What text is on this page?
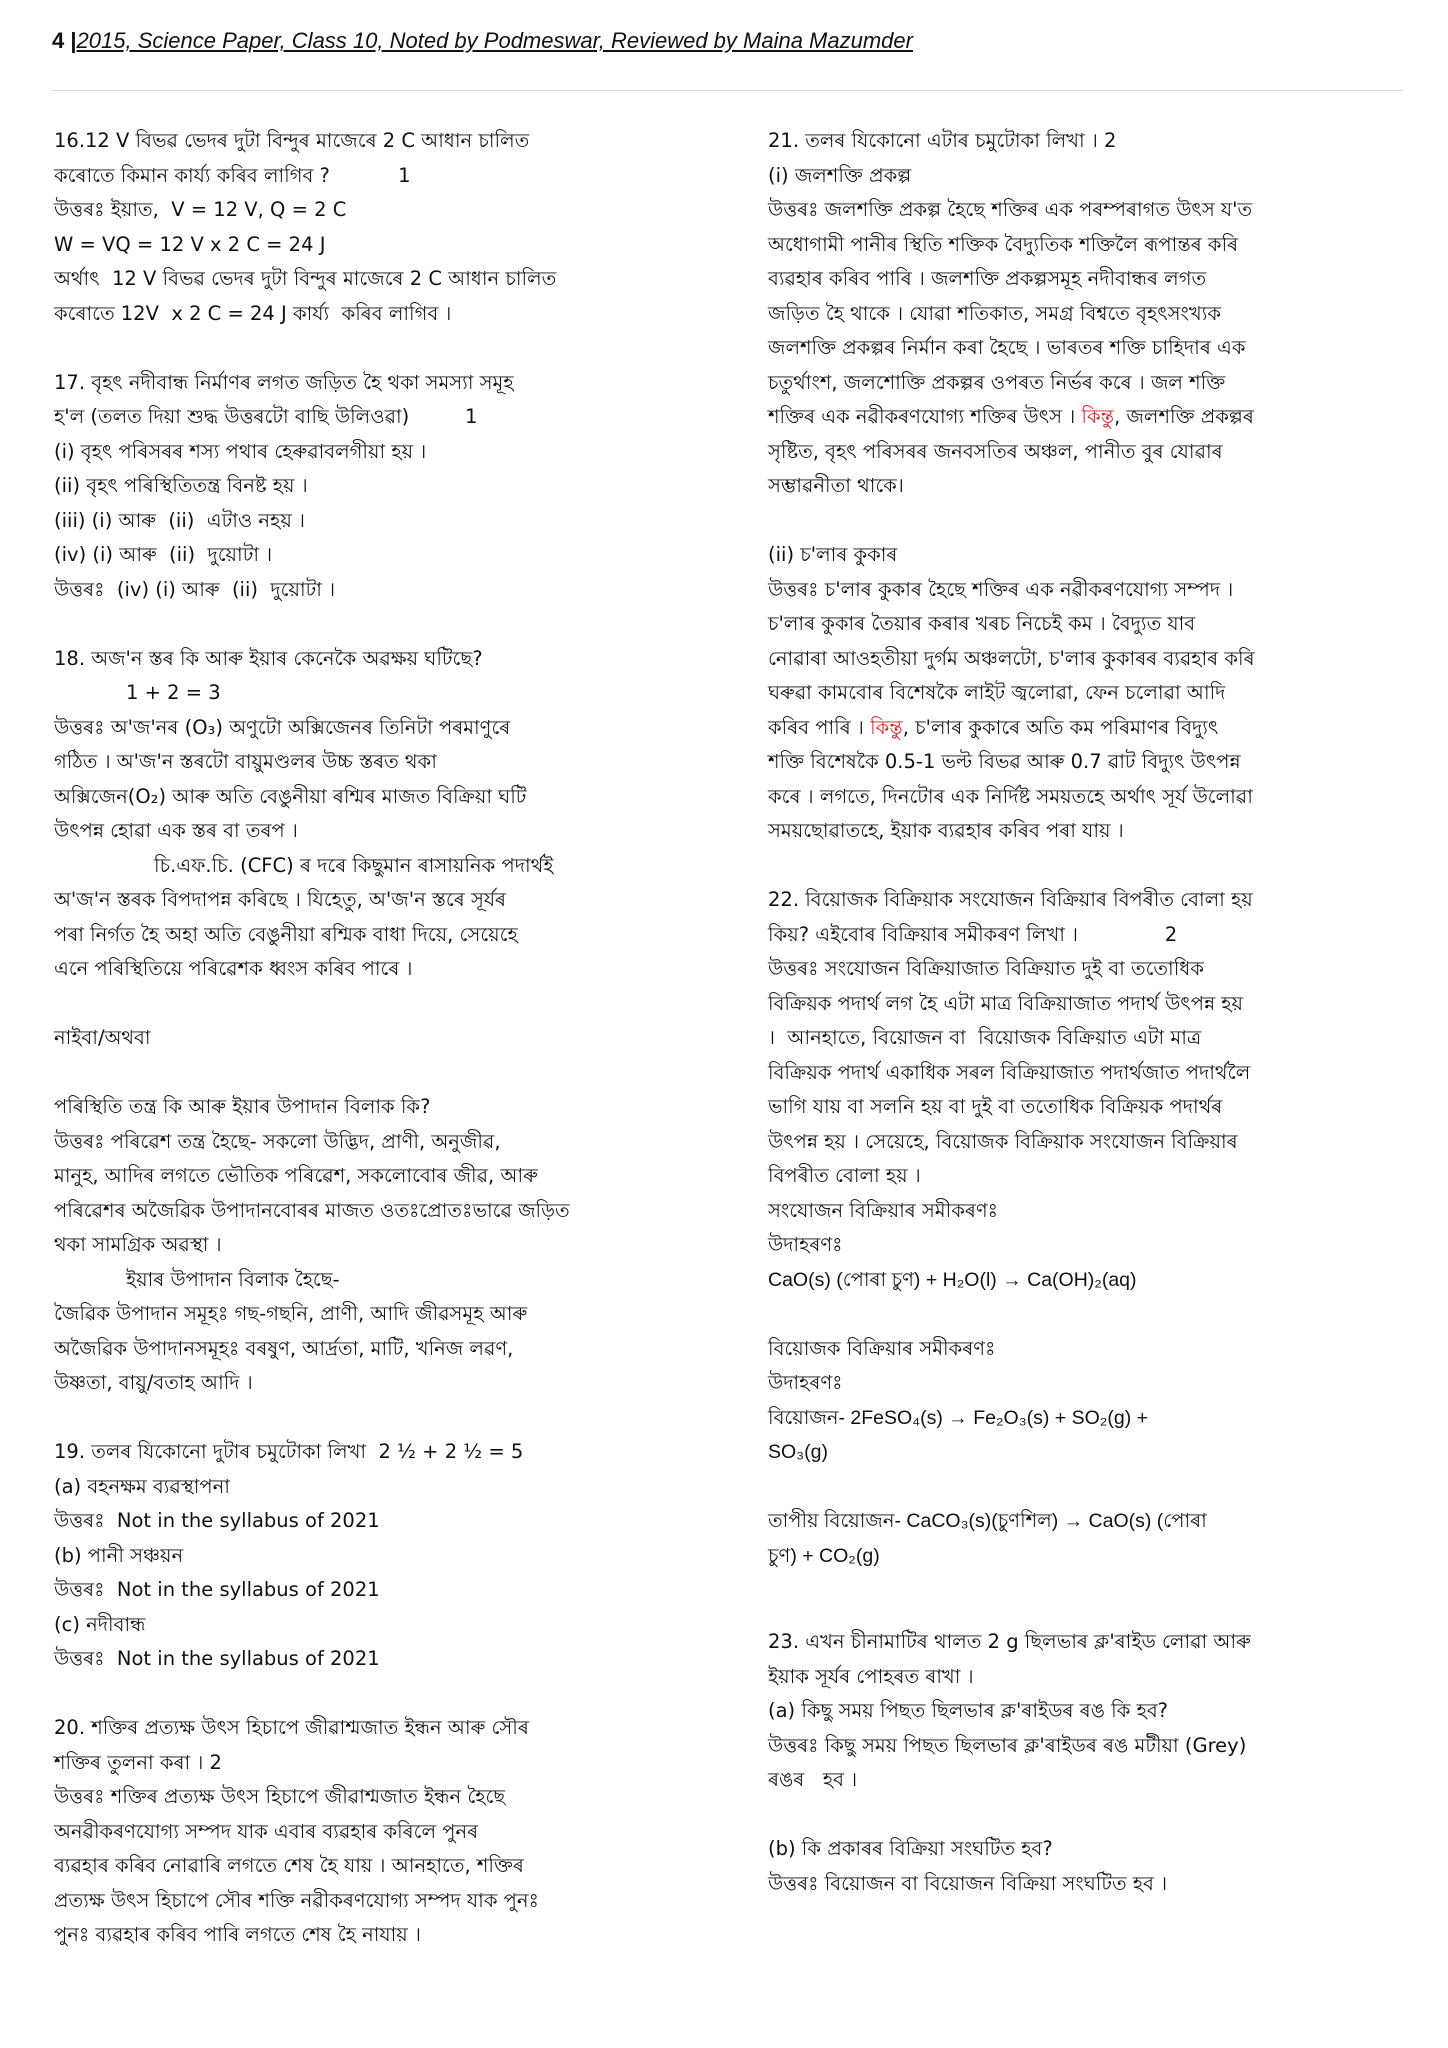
4 |2015, Science Paper, Class 10, Noted by Podmeswar, Reviewed by Maina Mazumder

16.12 V বিভৱ ভেদৰ দুটা বিন্দুৰ মাজেৰে 2 C আধান চালিত

কৰোতে কিমান কাৰ্য্য কৰিব লাগিব ?           1

উত্তৰঃ ইয়াত,  V = 12 V, Q = 2 C

W = VQ = 12 V x 2 C = 24 J

অৰ্থাৎ  12 V বিভৱ ভেদৰ দুটা বিন্দুৰ মাজেৰে 2 C আধান চালিত

কৰোতে 12V  x 2 C = 24 J কাৰ্য্য  কৰিব লাগিব ।

17. বৃহৎ নদীবান্ধ নিৰ্মাণৰ লগত জড়িত হৈ থকা সমস্যা সমূহ

হ'ল (তলত দিয়া শুদ্ধ উত্তৰটো বাছি উলিওৱা)         1

(i) বৃহৎ পৰিসৰৰ শস্য পথাৰ হেৰুৱাবলগীয়া হয় ।

(ii) বৃহৎ পৰিস্থিতিতন্ত্ৰ বিনষ্ট হয় ।

(iii) (i) আৰু  (ii)  এটাও নহয় ।

(iv) (i) আৰু  (ii)  দুয়োটা ।

উত্তৰঃ  (iv) (i) আৰু  (ii)  দুয়োটা ।

18. অজ'ন স্তৰ কি আৰু ইয়াৰ কেনেকৈ অৱক্ষয় ঘটিছে?

1 + 2 = 3

উত্তৰঃ অ'জ'নৰ (O₃) অণুটো অক্সিজেনৰ তিনিটা পৰমাণুৰে

গঠিত । অ'জ'ন স্তৰটো বায়ুমণ্ডলৰ উচ্চ স্তৰত থকা

অক্সিজেন(O₂) আৰু অতি বেঙুনীয়া ৰশ্মিৰ মাজত বিক্ৰিয়া ঘটি

উৎপন্ন হোৱা এক স্তৰ বা তৰপ ।

চি.এফ.চি. (CFC) ৰ দৰে কিছুমান ৰাসায়নিক পদাৰ্থই

অ'জ'ন স্তৰক বিপদাপন্ন কৰিছে । যিহেতু, অ'জ'ন স্তৰে সূৰ্যৰ

পৰা নিৰ্গত হৈ অহা অতি বেঙুনীয়া ৰশ্মিক বাধা দিয়ে, সেয়েহে

এনে পৰিস্থিতিয়ে পৰিৱেশক ধ্বংস কৰিব পাৰে ।

নাইবা/অথবা

পৰিস্থিতি তন্ত্ৰ কি আৰু ইয়াৰ উপাদান বিলাক কি?

উত্তৰঃ পৰিৱেশ তন্ত্ৰ হৈছে- সকলো উদ্ভিদ, প্ৰাণী, অনুজীৱ,

মানুহ, আদিৰ লগতে ভৌতিক পৰিৱেশ, সকলোবোৰ জীৱ, আৰু

পৰিৱেশৰ অজৈৱিক উপাদানবোৰৰ মাজত ওতঃপ্ৰোতঃভাৱে জড়িত

থকা সামগ্ৰিক অৱস্থা ।

ইয়াৰ উপাদান বিলাক হৈছে-

জৈৱিক উপাদান সমূহঃ গছ-গছনি, প্ৰাণী, আদি জীৱসমূহ আৰু

অজৈৱিক উপাদানসমূহঃ বৰষুণ, আৰ্দ্ৰতা, মাটি, খনিজ লৱণ,

উষ্ণতা, বায়ু/বতাহ আদি ।

19. তলৰ যিকোনো দুটাৰ চমুটোকা লিখা  2 ½ + 2 ½ = 5

(a) বহনক্ষম ব্যৱস্থাপনা

উত্তৰঃ  Not in the syllabus of 2021

(b) পানী সঞ্চয়ন

উত্তৰঃ  Not in the syllabus of 2021

(c) নদীবান্ধ

উত্তৰঃ  Not in the syllabus of 2021

20. শক্তিৰ প্ৰত্যক্ষ উৎস হিচাপে জীৱাশ্মজাত ইন্ধন আৰু সৌৰ

শক্তিৰ তুলনা কৰা । 2

উত্তৰঃ শক্তিৰ প্ৰত্যক্ষ উৎস হিচাপে জীৱাশ্মজাত ইন্ধন হৈছে

অনৱীকৰণযোগ্য সম্পদ যাক এবাৰ ব্যৱহাৰ কৰিলে পুনৰ

ব্যৱহাৰ কৰিব নোৱাৰি লগতে শেষ হৈ যায় । আনহাতে, শক্তিৰ

প্ৰত্যক্ষ উৎস হিচাপে সৌৰ শক্তি নৱীকৰণযোগ্য সম্পদ যাক পুনঃ

পুনঃ ব্যৱহাৰ কৰিব পাৰি লগতে শেষ হৈ নাযায় ।

21. তলৰ যিকোনো এটাৰ চমুটোকা লিখা । 2

(i) জলশক্তি প্ৰকল্প

উত্তৰঃ জলশক্তি প্ৰকল্প হৈছে শক্তিৰ এক পৰম্পৰাগত উৎস য'ত

অধোগামী পানীৰ স্থিতি শক্তিক বৈদ্যুতিক শক্তিলৈ ৰূপান্তৰ কৰি

ব্যৱহাৰ কৰিব পাৰি । জলশক্তি প্ৰকল্পসমূহ নদীবান্ধৰ লগত

জড়িত হৈ থাকে । যোৱা শতিকাত, সমগ্ৰ বিশ্বতে বৃহৎসংখ্যক

জলশক্তি প্ৰকল্পৰ নিৰ্মান কৰা হৈছে । ভাৰতৰ শক্তি চাহিদাৰ এক

চতুৰ্থাংশ, জলশোক্তি প্ৰকল্পৰ ওপৰত নিৰ্ভৰ কৰে । জল শক্তি

শক্তিৰ এক নৱীকৰণযোগ্য শক্তিৰ উৎস । কিন্তু, জলশক্তি প্ৰকল্পৰ

সৃষ্টিত, বৃহৎ পৰিসৰৰ জনবসতিৰ অঞ্চল, পানীত বুৰ যোৱাৰ

সম্ভাৱনীতা থাকে।

(ii) চ'লাৰ কুকাৰ

উত্তৰঃ চ'লাৰ কুকাৰ হৈছে শক্তিৰ এক নৱীকৰণযোগ্য সম্পদ ।

চ'লাৰ কুকাৰ তৈয়াৰ কৰাৰ খৰচ নিচেই কম । বৈদ্যুত যাব

নোৱাৰা আওহতীয়া দুৰ্গম অঞ্চলটো, চ'লাৰ কুকাৰৰ ব্যৱহাৰ কৰি

ঘৰুৱা কামবোৰ বিশেষকৈ লাইট জ্বলোৱা, ফেন চলোৱা আদি

কৰিব পাৰি । কিন্তু, চ'লাৰ কুকাৰে অতি কম পৰিমাণৰ বিদ্যুৎ

শক্তি বিশেষকৈ 0.5-1 ভল্ট বিভৱ আৰু 0.7 ৱাট বিদ্যুৎ উৎপন্ন

কৰে । লগতে, দিনটোৰ এক নিৰ্দিষ্ট সময়তহে অৰ্থাৎ সূৰ্য উলোৱা

সময়ছোৱাতহে, ইয়াক ব্যৱহাৰ কৰিব পৰা যায় ।

22. বিয়োজক বিক্ৰিয়াক সংযোজন বিক্ৰিয়াৰ বিপৰীত বোলা হয়

কিয়? এইবোৰ বিক্ৰিয়াৰ সমীকৰণ লিখা ।              2

উত্তৰঃ সংযোজন বিক্ৰিয়াজাত বিক্ৰিয়াত দুই বা ততোধিক

বিক্ৰিয়ক পদাৰ্থ লগ হৈ এটা মাত্ৰ বিক্ৰিয়াজাত পদাৰ্থ উৎপন্ন হয়

।  আনহাতে, বিয়োজন বা  বিয়োজক বিক্ৰিয়াত এটা মাত্ৰ

বিক্ৰিয়ক পদাৰ্থ একাধিক সৰল বিক্ৰিয়াজাত পদাৰ্থজাত পদাৰ্থলৈ

ভাগি যায় বা সলনি হয় বা দুই বা ততোধিক বিক্ৰিয়ক পদাৰ্থৰ

উৎপন্ন হয় । সেয়েহে, বিয়োজক বিক্ৰিয়াক সংযোজন বিক্ৰিয়াৰ

বিপৰীত বোলা হয় ।

সংযোজন বিক্ৰিয়াৰ সমীকৰণঃ

উদাহৰণঃ

CaO(s) (পোৰা চুণ) + H₂O(l) → Ca(OH)₂(aq)

বিয়োজক বিক্ৰিয়াৰ সমীকৰণঃ

উদাহৰণঃ

বিয়োজন- 2FeSO₄(s) → Fe₂O₃(s) + SO₂(g) +

SO₃(g)

তাপীয় বিয়োজন- CaCO₃(s)(চুণশিল) → CaO(s) (পোৰা

চুণ) + CO₂(g)

23. এখন চীনামাটিৰ থালত 2 g ছিলভাৰ ক্ল'ৰাইড লোৱা আৰু

ইয়াক সূৰ্যৰ পোহৰত ৰাখা ।

(a) কিছু সময় পিছত ছিলভাৰ ক্ল'ৰাইডৰ ৰঙ কি হব?

উত্তৰঃ কিছু সময় পিছত ছিলভাৰ ক্ল'ৰাইডৰ ৰঙ মটীয়া (Grey)

ৰঙৰ   হব ।

(b) কি প্ৰকাৰৰ বিক্ৰিয়া সংঘটিত হব?

উত্তৰঃ বিয়োজন বা বিয়োজন বিক্ৰিয়া সংঘটিত হব ।
